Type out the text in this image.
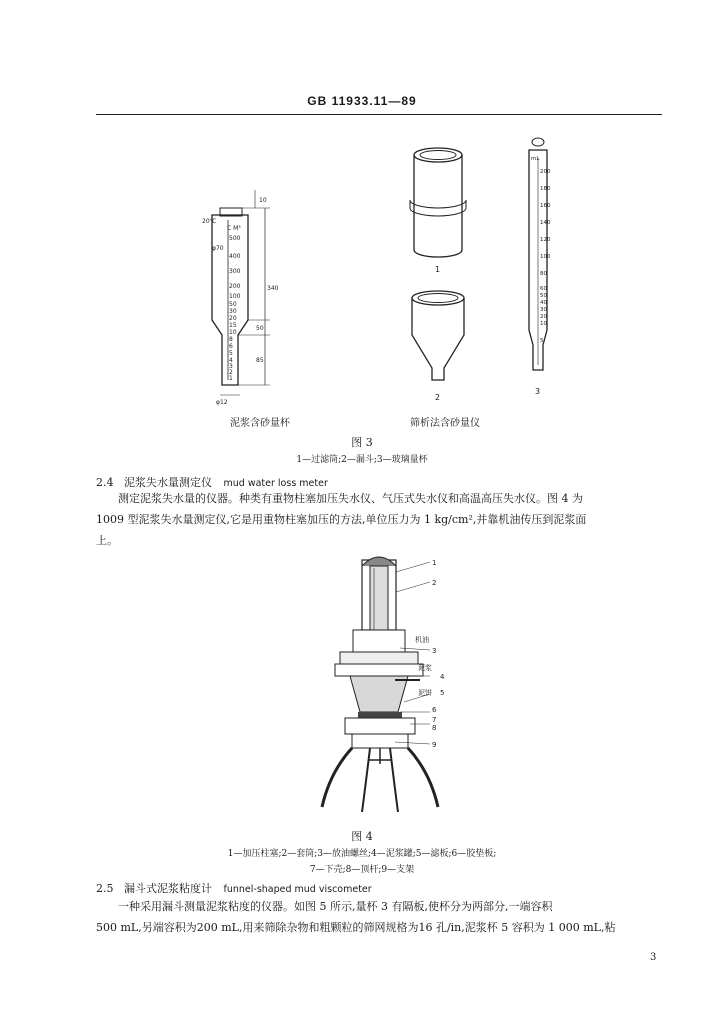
GB 11933.11—89
20℃
C M³
500
φ70
400
300
200
100
50
30
20
15
10
8
6
5
4
3
2
1
φ12
10
340
50
85
mL
200
180
160
140
120
100
80
60
50
40
30
20
10
5
1
2
3
泥浆含砂量杯	筛析法含砂量仪
图 3
1—过滤筒;2—漏斗;3—玻璃量杯
2.4 泥浆失水量测定仪 mud water loss meter
测定泥浆失水量的仪器。种类有重物柱塞加压失水仪、气压式失水仪和高温高压失水仪。图 4 为
1009 型泥浆失水量测定仪,它是用重物柱塞加压的方法,单位压力为 1 kg/cm²,并靠机油传压到泥浆面
上。
1
2
机油
3
泥浆
4
泥饼 5
6
7
8
9
图 4
1—加压柱塞;2—套筒;3—放油螺丝;4—泥浆罐;5—滤板;6—胶垫板;
7—下壳;8—顶杆;9—支架
2.5 漏斗式泥浆粘度计 funnel-shaped mud viscometer
一种采用漏斗测量泥浆粘度的仪器。如图 5 所示,量杯 3 有隔板,使杯分为两部分,一端容积
500 mL,另端容积为200 mL,用来筛除杂物和粗颗粒的筛网规格为16 孔/in,泥浆杯 5 容积为 1 000 mL,粘
3
